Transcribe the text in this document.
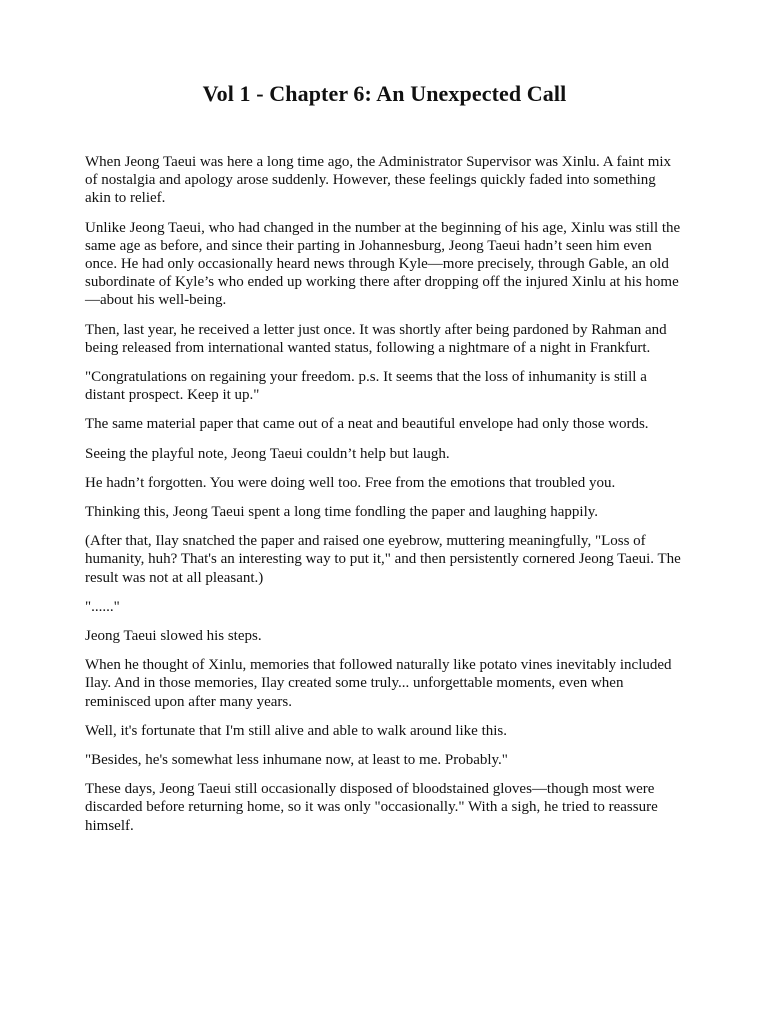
Vol 1 - Chapter 6: An Unexpected Call

When Jeong Taeui was here a long time ago, the Administrator Supervisor was Xinlu. A faint mix of nostalgia and apology arose suddenly. However, these feelings quickly faded into something akin to relief.

Unlike Jeong Taeui, who had changed in the number at the beginning of his age, Xinlu was still the same age as before, and since their parting in Johannesburg, Jeong Taeui hadn’t seen him even once. He had only occasionally heard news through Kyle—more precisely, through Gable, an old subordinate of Kyle’s who ended up working there after dropping off the injured Xinlu at his home—about his well-being.

Then, last year, he received a letter just once. It was shortly after being pardoned by Rahman and being released from international wanted status, following a nightmare of a night in Frankfurt.

"Congratulations on regaining your freedom. p.s. It seems that the loss of inhumanity is still a distant prospect. Keep it up."

The same material paper that came out of a neat and beautiful envelope had only those words.

Seeing the playful note, Jeong Taeui couldn’t help but laugh.

He hadn’t forgotten. You were doing well too. Free from the emotions that troubled you.

Thinking this, Jeong Taeui spent a long time fondling the paper and laughing happily.

(After that, Ilay snatched the paper and raised one eyebrow, muttering meaningfully, "Loss of humanity, huh? That's an interesting way to put it," and then persistently cornered Jeong Taeui. The result was not at all pleasant.)

"......"

Jeong Taeui slowed his steps.

When he thought of Xinlu, memories that followed naturally like potato vines inevitably included Ilay. And in those memories, Ilay created some truly... unforgettable moments, even when reminisced upon after many years.

Well, it's fortunate that I'm still alive and able to walk around like this.

"Besides, he's somewhat less inhumane now, at least to me. Probably."

These days, Jeong Taeui still occasionally disposed of bloodstained gloves—though most were discarded before returning home, so it was only "occasionally." With a sigh, he tried to reassure himself.
